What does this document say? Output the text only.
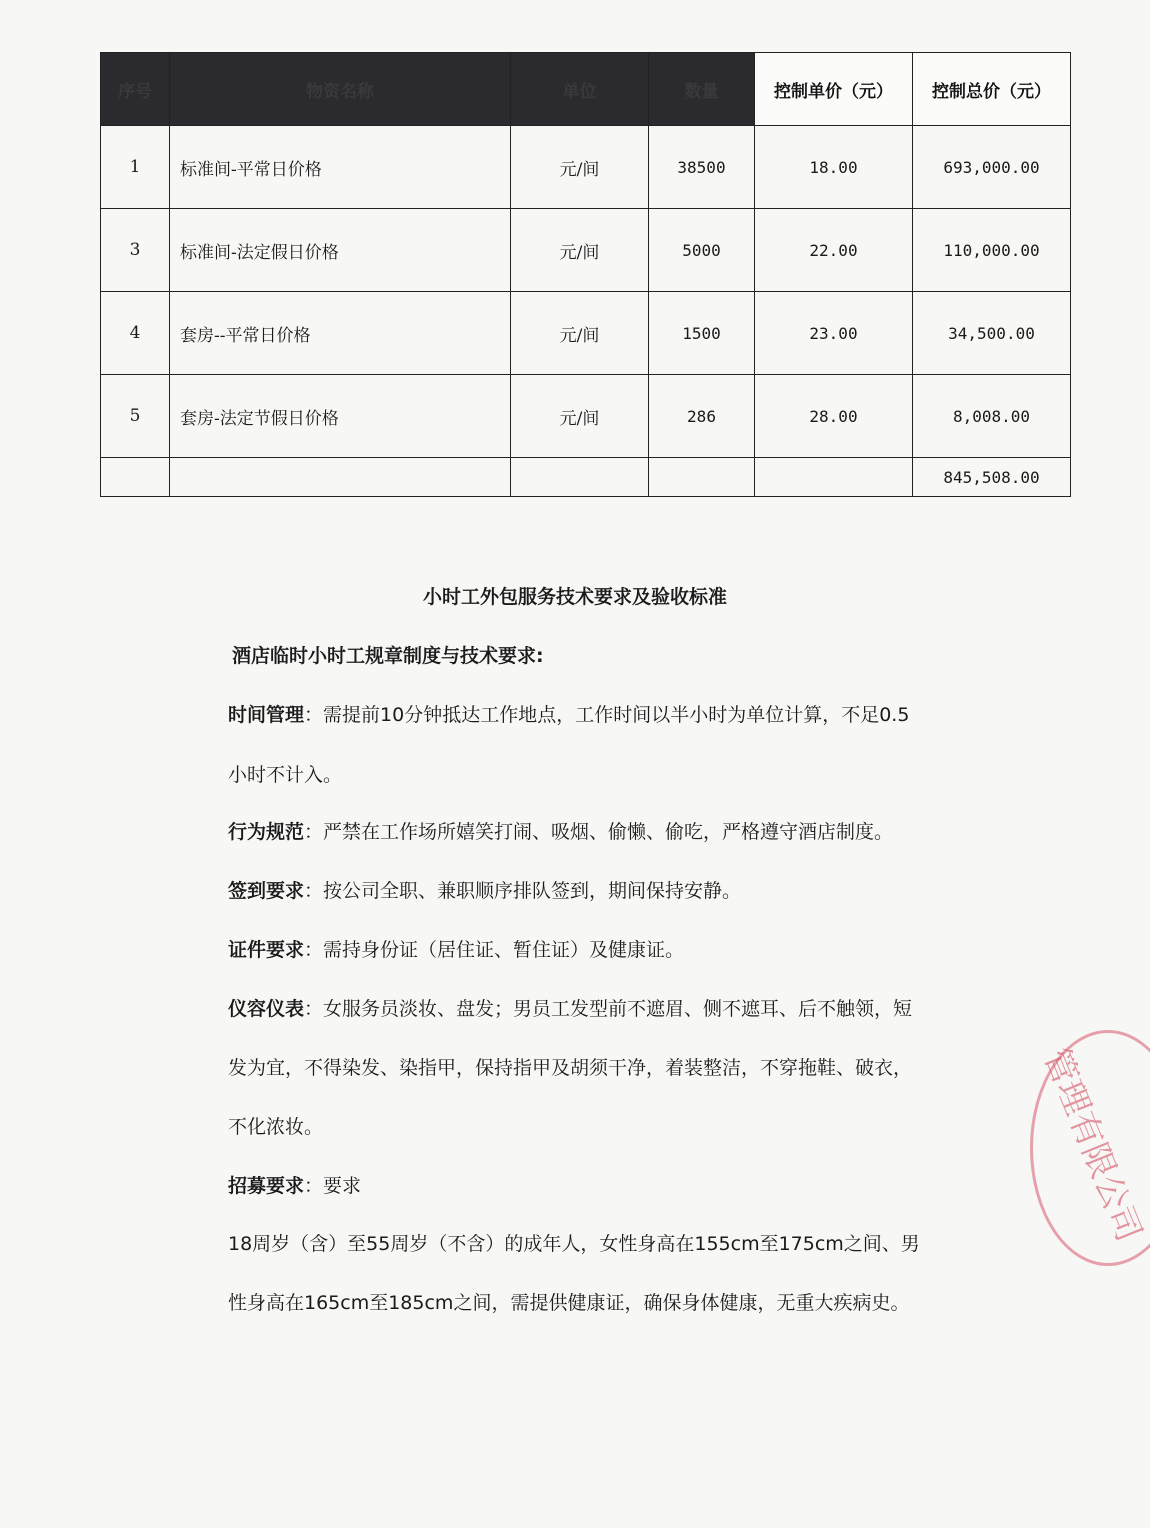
序号	物资名称	单位	数量	控制单价（元）	控制总价（元）
1	标准间-平常日价格	元/间	38500	18.00	693,000.00
3	标准间-法定假日价格	元/间	5000	22.00	110,000.00
4	套房--平常日价格	元/间	1500	23.00	34,500.00
5	套房-法定节假日价格	元/间	286	28.00	8,008.00
					845,508.00
小时工外包服务技术要求及验收标准
酒店临时小时工规章制度与技术要求:
时间管理：需提前10分钟抵达工作地点，工作时间以半小时为单位计算，不足0.5
小时不计入。
行为规范：严禁在工作场所嬉笑打闹、吸烟、偷懒、偷吃，严格遵守酒店制度。
签到要求：按公司全职、兼职顺序排队签到，期间保持安静。
证件要求：需持身份证（居住证、暂住证）及健康证。
仪容仪表：女服务员淡妆、盘发；男员工发型前不遮眉、侧不遮耳、后不触领，短
发为宜，不得染发、染指甲，保持指甲及胡须干净，着装整洁，不穿拖鞋、破衣，
不化浓妆。
招募要求：要求
18周岁（含）至55周岁（不含）的成年人，女性身高在155cm至175cm之间、男
性身高在165cm至185cm之间，需提供健康证，确保身体健康，无重大疾病史。
管理有限公司
